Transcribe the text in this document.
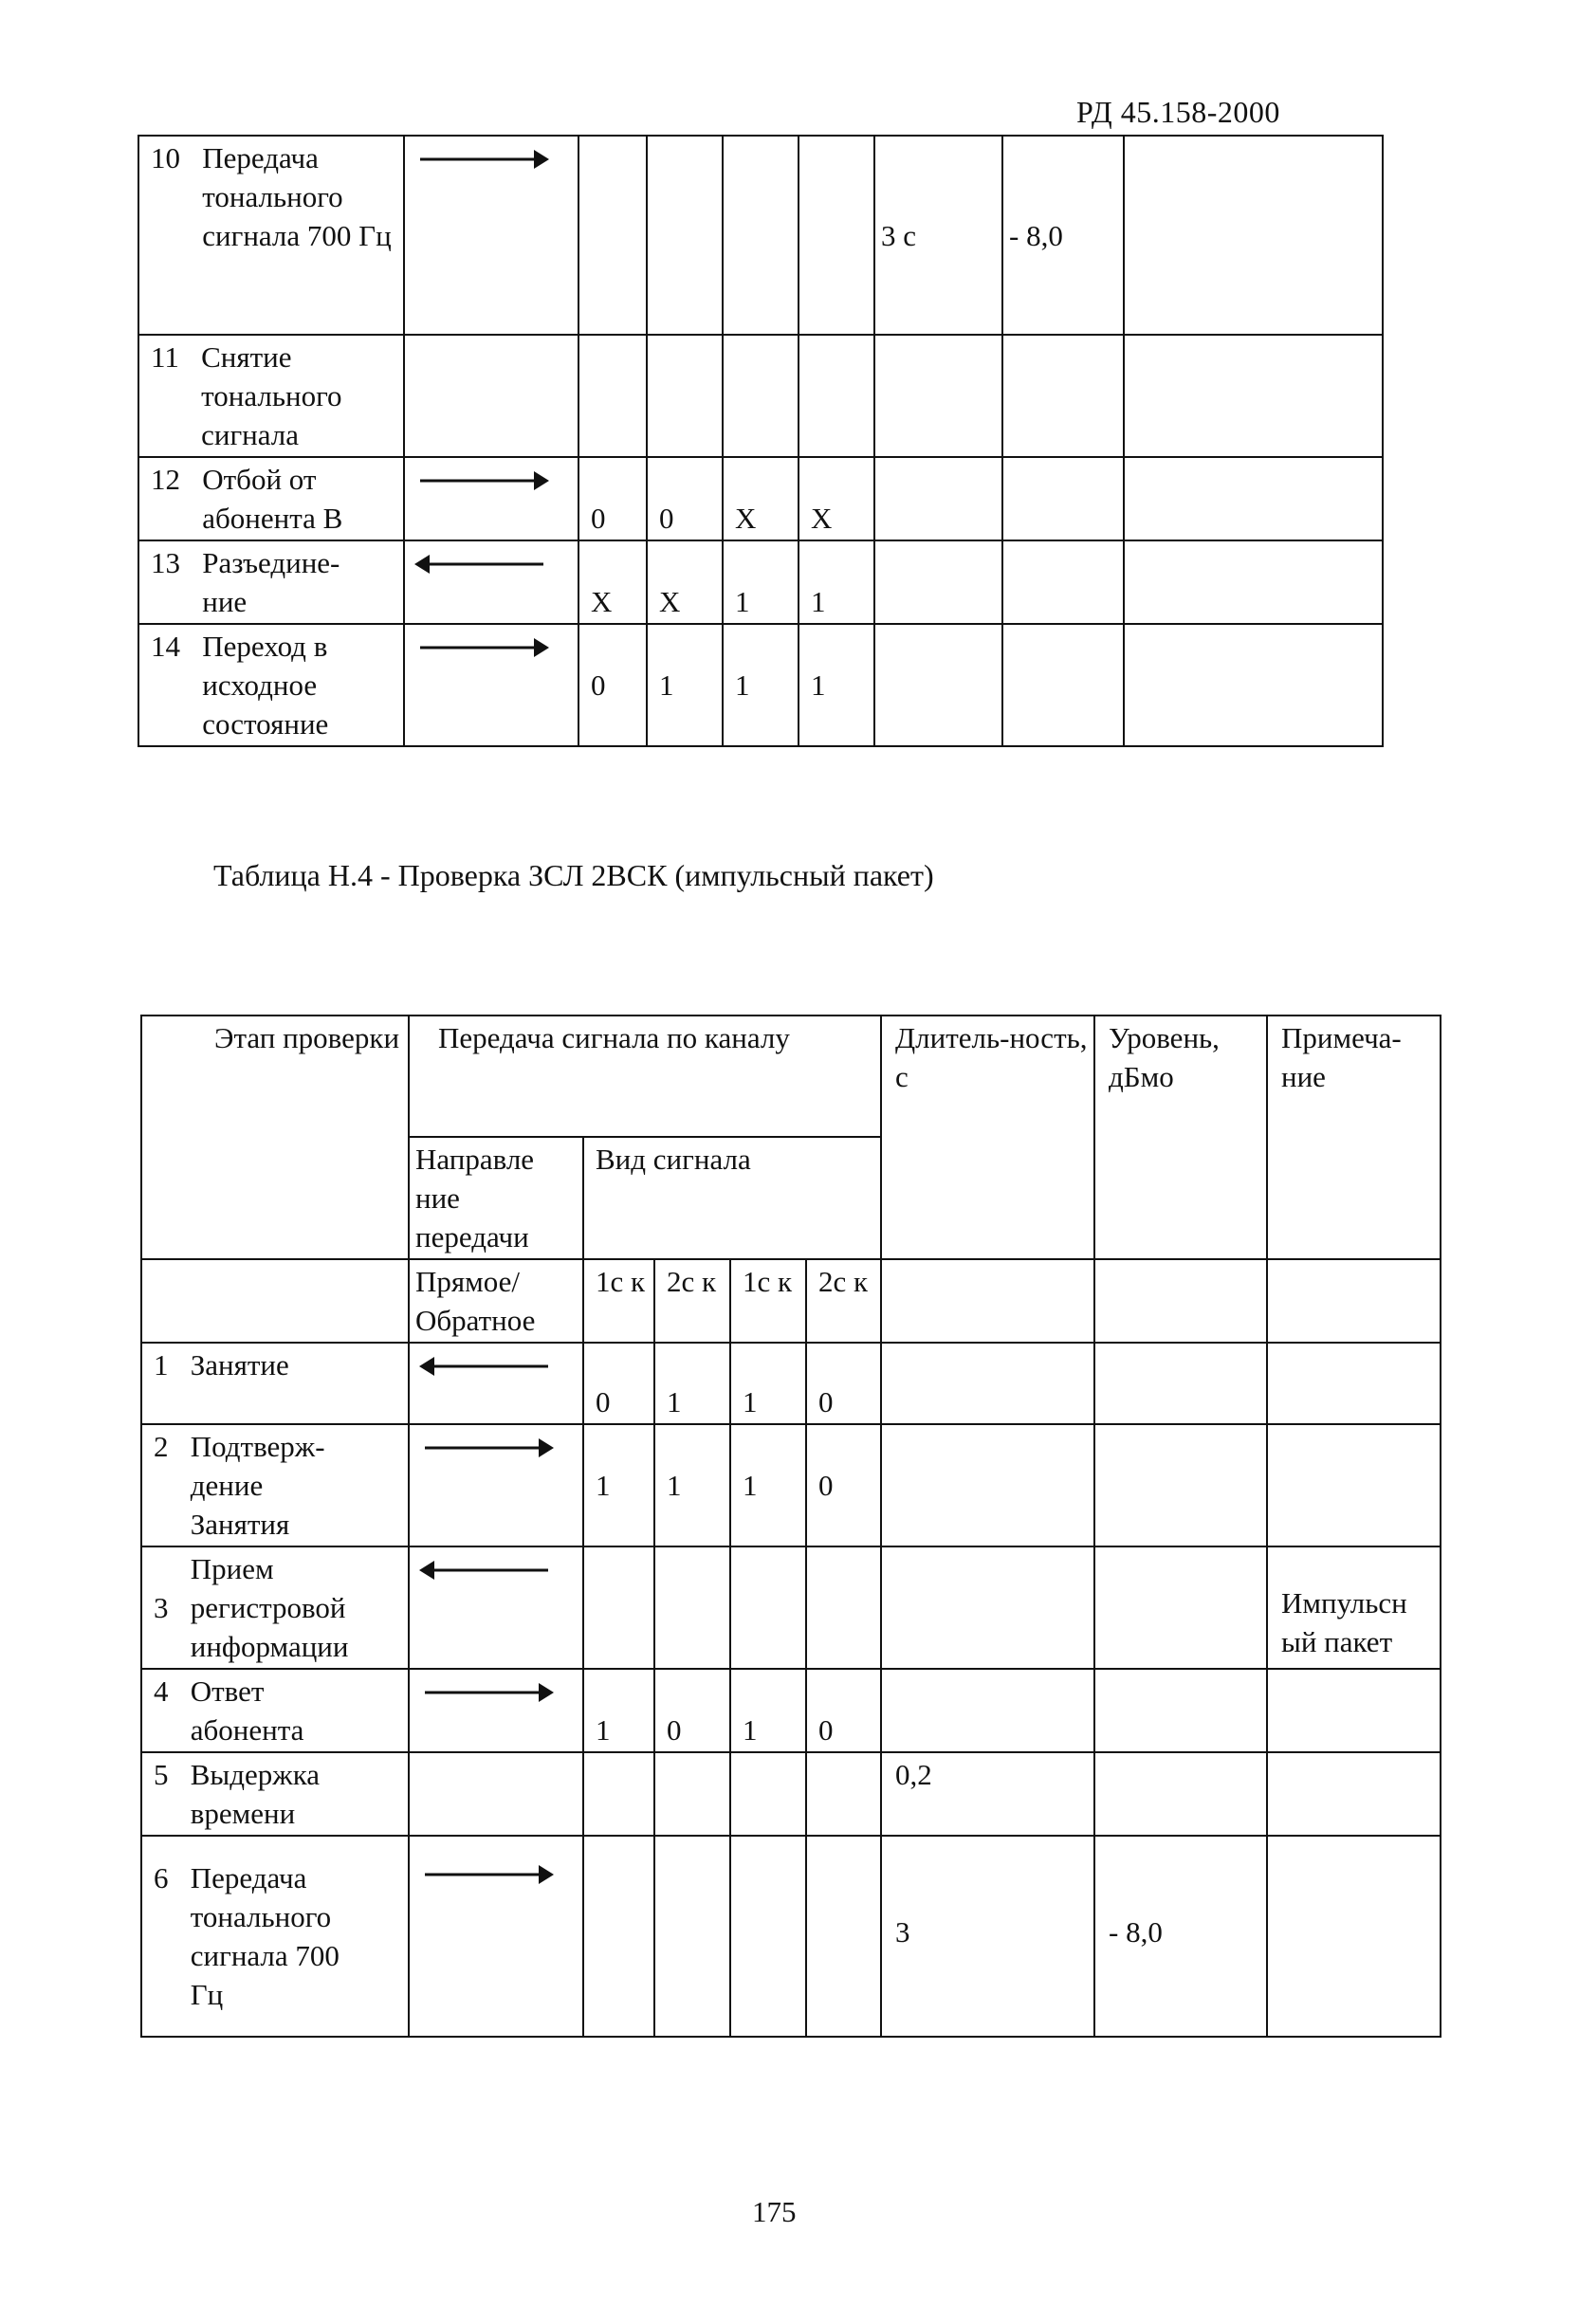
РД 45.158-2000
10 Передача тонального сигнала 700 Гц						3 с	- 8,0	
11 Снятие тонального сигнала								
12 Отбой от абонента В		0	0	X	X			
13 Разъедине-ние		X	X	1	1			
14 Переход в исходное состояние		0	1	1	1			
Таблица Н.4 - Проверка ЗСЛ 2ВСК (импульсный пакет)
Этап проверки	Передача сигнала по каналу					Длитель-ность, с	Уровень, дБмо	Примеча-ние
	Направле ние передачи	Вид сигнала						
	Прямое/ Обратное	1с к	2с к	1с к	2с к			
1 Занятие		0	1	1	0			
2 Подтверж-дение Занятия		1	1	1	0			
3   Прием регистровой информации								Импульсн ый пакет
4 Ответ абонента		1	0	1	0			
5 Выдержка времени						0,2		
6 Передача тонального сигнала 700 Гц						3	- 8,0	
175
